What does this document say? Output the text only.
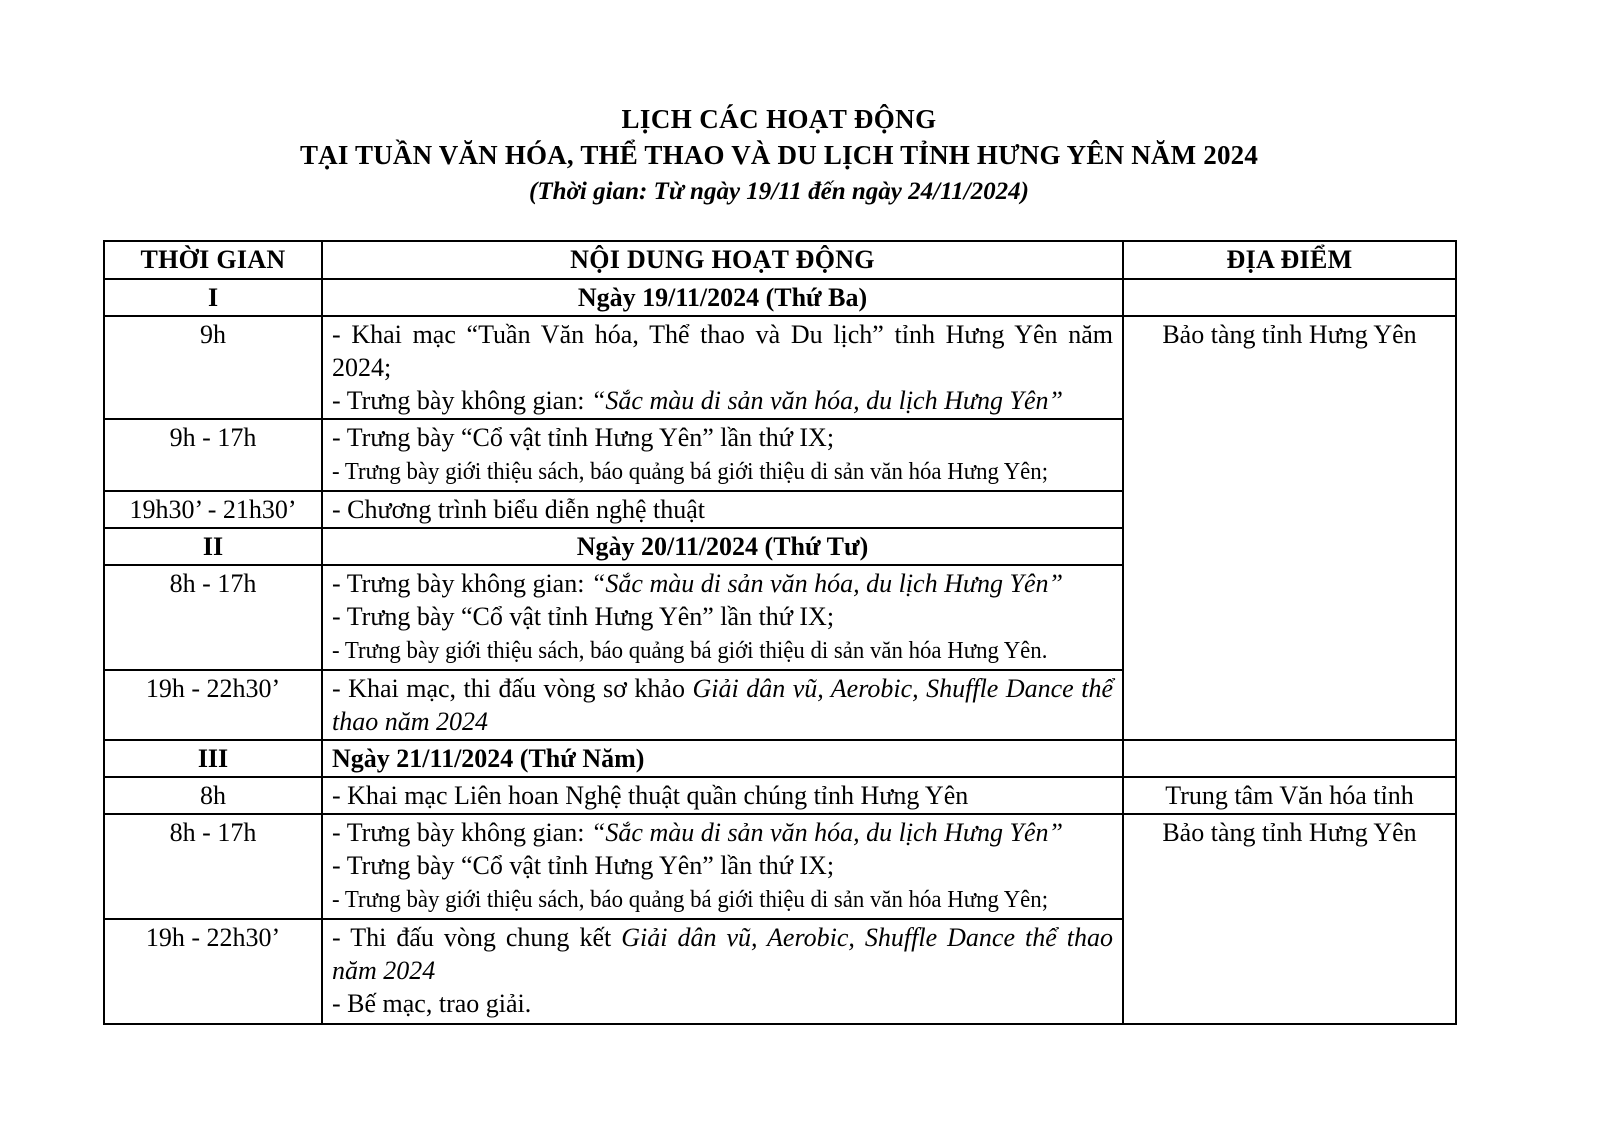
LỊCH CÁC HOẠT ĐỘNG
TẠI TUẦN VĂN HÓA, THỂ THAO VÀ DU LỊCH TỈNH HƯNG YÊN NĂM 2024
(Thời gian: Từ ngày 19/11 đến ngày 24/11/2024)
THỜI GIAN	NỘI DUNG HOẠT ĐỘNG	ĐỊA ĐIỂM
I	Ngày 19/11/2024 (Thứ Ba)	
9h	- Khai mạc “Tuần Văn hóa, Thể thao và Du lịch” tỉnh Hưng Yên năm 2024;

- Trưng bày không gian: “Sắc màu di sản văn hóa, du lịch Hưng Yên”	Bảo tàng tỉnh Hưng Yên
9h - 17h	- Trưng bày “Cổ vật tỉnh Hưng Yên” lần thứ IX;

- Trưng bày giới thiệu sách, báo quảng bá giới thiệu di sản văn hóa Hưng Yên;	

19h30’ - 21h30’	- Chương trình biểu diễn nghệ thuật	

II	Ngày 20/11/2024 (Thứ Tư)	
8h - 17h	- Trưng bày không gian: “Sắc màu di sản văn hóa, du lịch Hưng Yên”

- Trưng bày “Cổ vật tỉnh Hưng Yên” lần thứ IX;

- Trưng bày giới thiệu sách, báo quảng bá giới thiệu di sản văn hóa Hưng Yên.	

19h - 22h30’	- Khai mạc, thi đấu vòng sơ khảo Giải dân vũ, Aerobic, Shuffle Dance thể thao năm 2024	

III	Ngày 21/11/2024 (Thứ Năm)	
8h	- Khai mạc Liên hoan Nghệ thuật quần chúng tỉnh Hưng Yên	Trung tâm Văn hóa tỉnh
8h - 17h	- Trưng bày không gian: “Sắc màu di sản văn hóa, du lịch Hưng Yên”

- Trưng bày “Cổ vật tỉnh Hưng Yên” lần thứ IX;

- Trưng bày giới thiệu sách, báo quảng bá giới thiệu di sản văn hóa Hưng Yên;	Bảo tàng tỉnh Hưng Yên
19h - 22h30’	- Thi đấu vòng chung kết Giải dân vũ, Aerobic, Shuffle Dance thể thao năm 2024

- Bế mạc, trao giải.	
